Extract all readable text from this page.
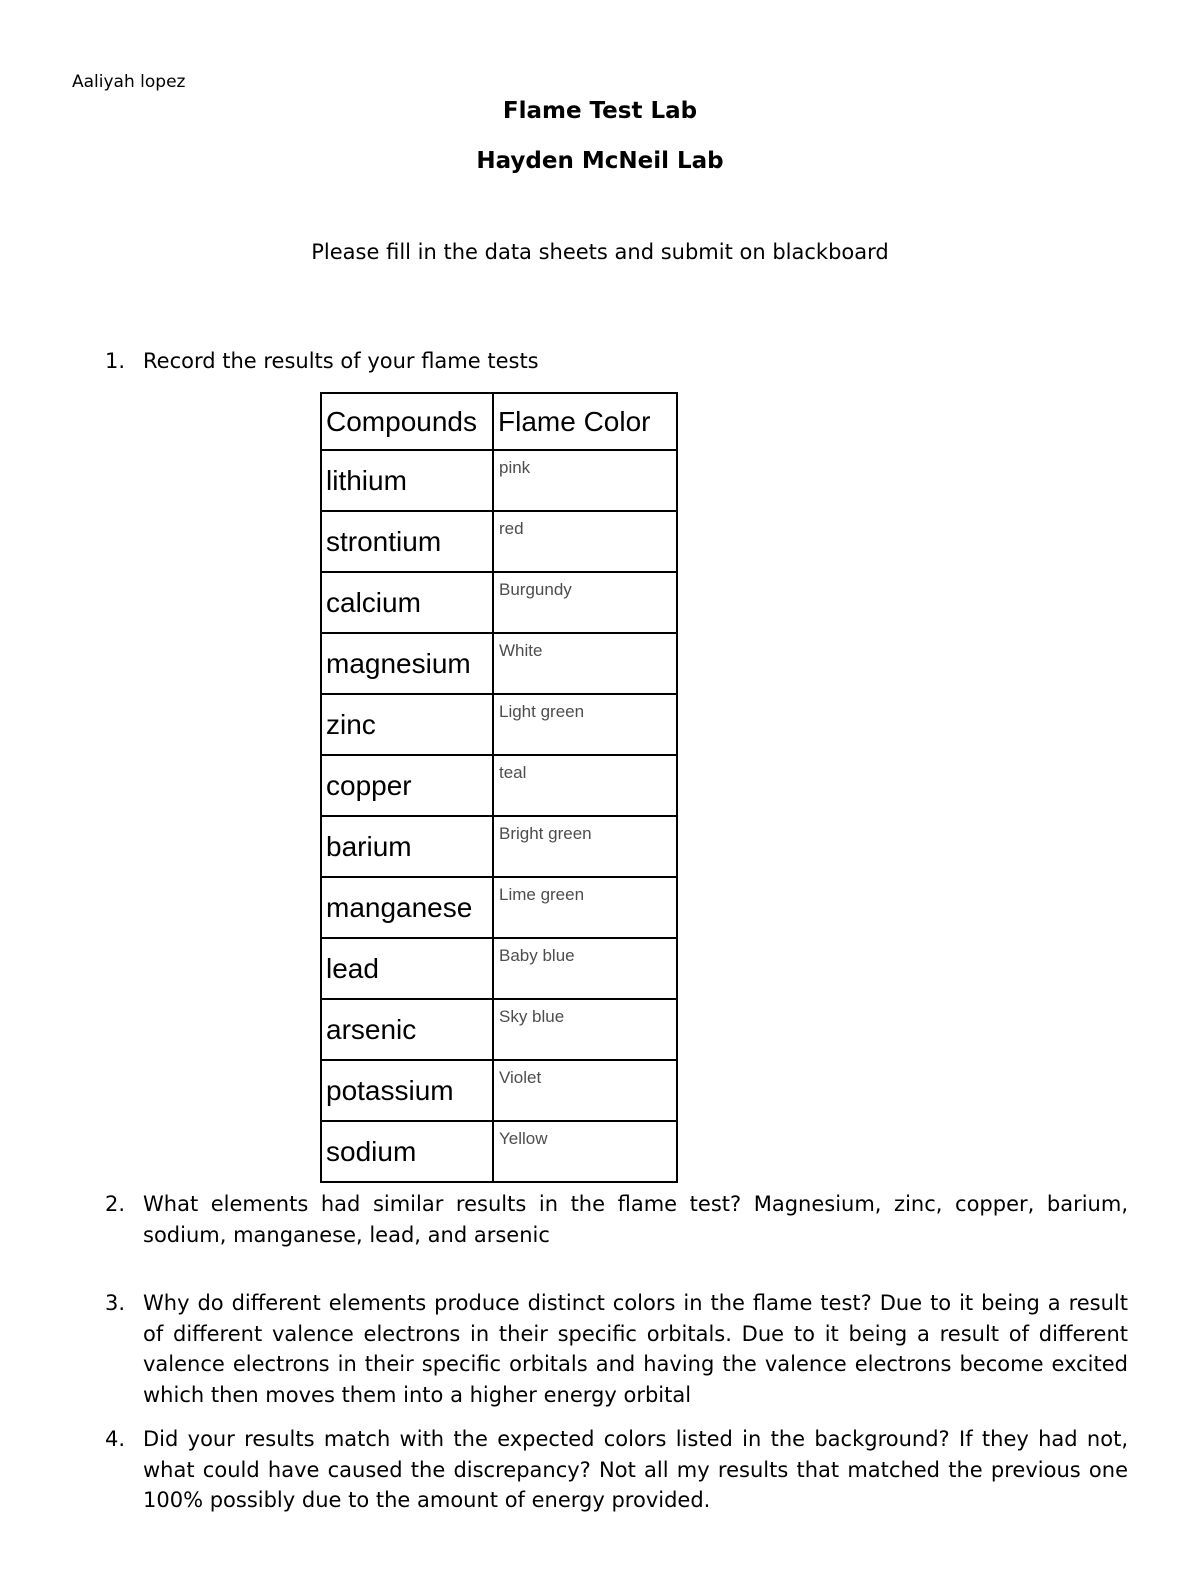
Aaliyah lopez
Flame Test Lab
Hayden McNeil Lab
Please fill in the data sheets and submit on blackboard
1. Record the results of your flame tests
Compounds	Flame Color
lithium	pink
strontium	red
calcium	Burgundy
magnesium	White
zinc	Light green
copper	teal
barium	Bright green
manganese	Lime green
lead	Baby blue
arsenic	Sky blue
potassium	Violet
sodium	Yellow
2. What elements had similar results in the flame test? Magnesium, zinc, copper, barium, sodium, manganese, lead, and arsenic
3. Why do different elements produce distinct colors in the flame test? Due to it being a result of different valence electrons in their specific orbitals. Due to it being a result of different valence electrons in their specific orbitals and having the valence electrons become excited which then moves them into a higher energy orbital
4. Did your results match with the expected colors listed in the background? If they had not, what could have caused the discrepancy? Not all my results that matched the previous one 100% possibly due to the amount of energy provided.
